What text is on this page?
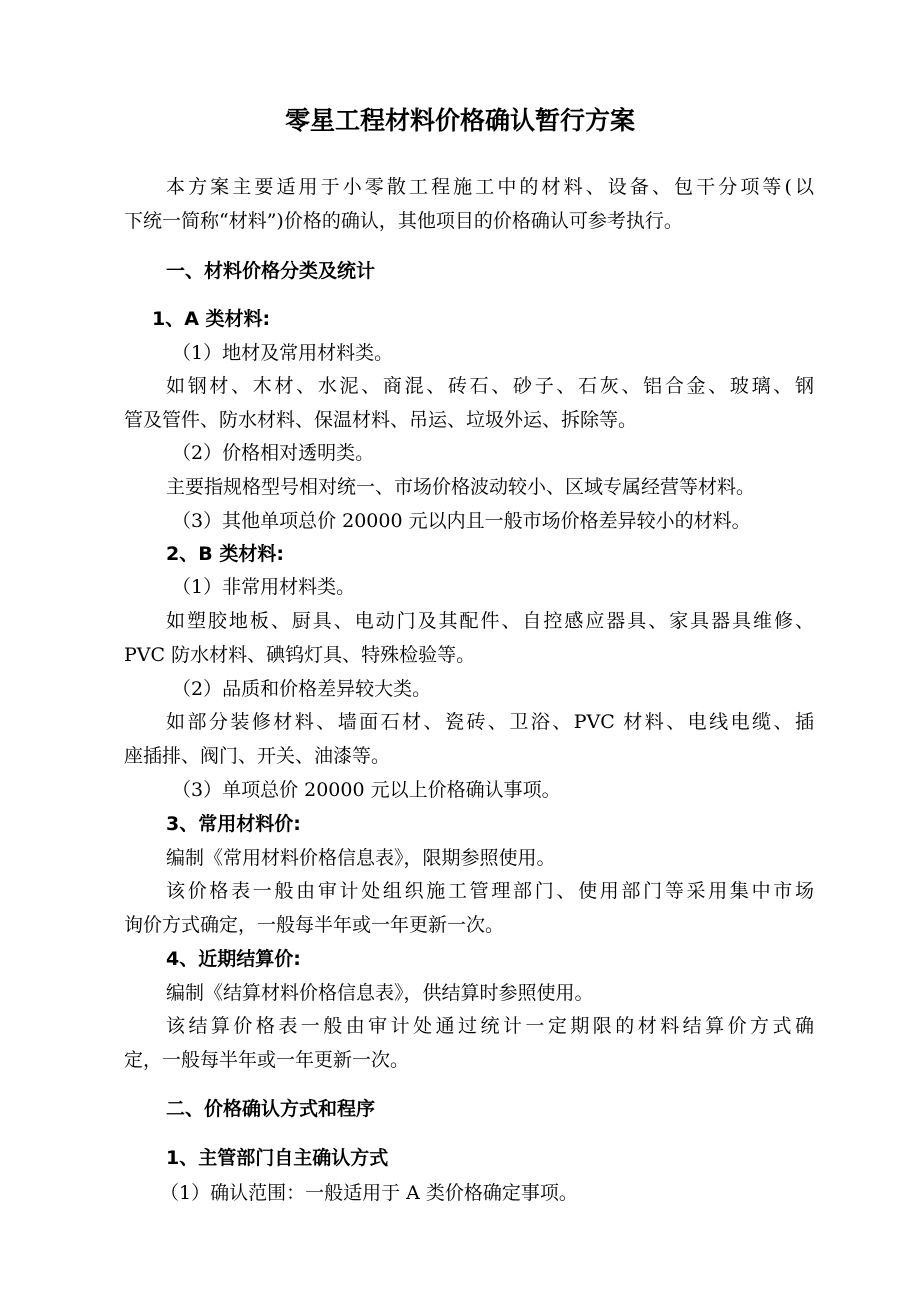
零星工程材料价格确认暂行方案
本方案主要适用于小零散工程施工中的材料、设备、包干分项等(以
下统一简称“材料”)价格的确认，其他项目的价格确认可参考执行。
一、材料价格分类及统计
1、A 类材料:
（1）地材及常用材料类。
如钢材、木材、水泥、商混、砖石、砂子、石灰、铝合金、玻璃、钢
管及管件、防水材料、保温材料、吊运、垃圾外运、拆除等。
（2）价格相对透明类。
主要指规格型号相对统一、市场价格波动较小、区域专属经营等材料。
（3）其他单项总价 20000 元以内且一般市场价格差异较小的材料。
2、B 类材料:
（1）非常用材料类。
如塑胶地板、厨具、电动门及其配件、自控感应器具、家具器具维修、
PVC 防水材料、碘钨灯具、特殊检验等。
（2）品质和价格差异较大类。
如部分装修材料、墙面石材、瓷砖、卫浴、PVC 材料、电线电缆、插
座插排、阀门、开关、油漆等。
（3）单项总价 20000 元以上价格确认事项。
3、常用材料价:
编制《常用材料价格信息表》，限期参照使用。
该价格表一般由审计处组织施工管理部门、使用部门等采用集中市场
询价方式确定，一般每半年或一年更新一次。
4、近期结算价:
编制《结算材料价格信息表》，供结算时参照使用。
该结算价格表一般由审计处通过统计一定期限的材料结算价方式确
定，一般每半年或一年更新一次。
二、价格确认方式和程序
1、主管部门自主确认方式
（1）确认范围：一般适用于 A 类价格确定事项。
